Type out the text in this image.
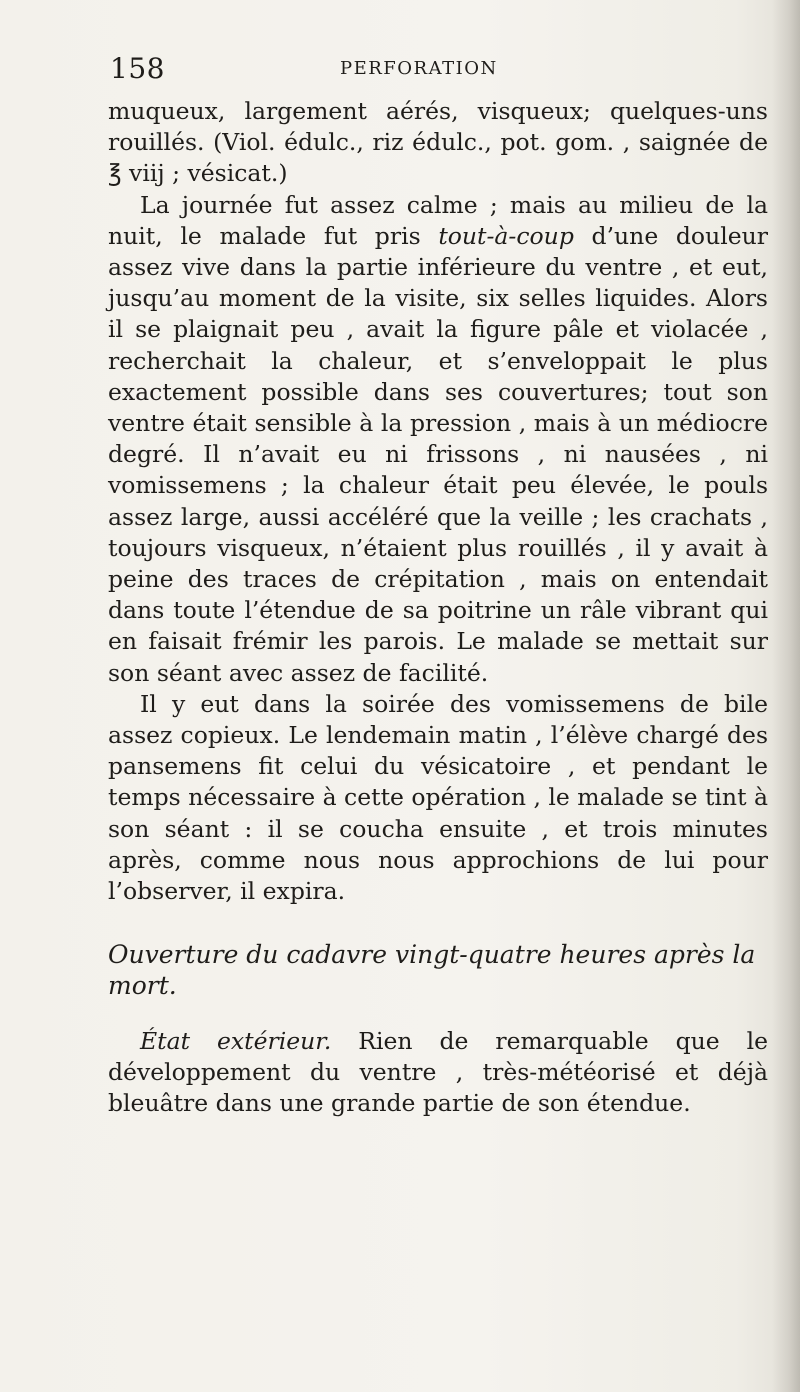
158	PERFORATION

muqueux, largement aérés, visqueux; quelques-uns rouillés. (Viol. édulc., riz édulc., pot. gom. , saignée de ℥ viij ; vésicat.)

La journée fut assez calme ; mais au milieu de la nuit, le malade fut pris tout-à-coup d’une douleur assez vive dans la partie inférieure du ventre , et eut, jusqu’au moment de la visite, six selles liquides. Alors il se plaignait peu , avait la figure pâle et violacée , recherchait la chaleur, et s’enveloppait le plus exactement possible dans ses couvertures; tout son ventre était sensible à la pression , mais à un médiocre degré. Il n’avait eu ni frissons , ni nausées , ni vomissemens ; la chaleur était peu élevée, le pouls assez large, aussi accéléré que la veille ; les crachats , toujours visqueux, n’étaient plus rouillés , il y avait à peine des traces de crépitation , mais on entendait dans toute l’étendue de sa poitrine un râle vibrant qui en faisait frémir les parois. Le malade se mettait sur son séant avec assez de facilité.

Il y eut dans la soirée des vomissemens de bile assez copieux. Le lendemain matin , l’élève chargé des pansemens fit celui du vésicatoire , et pendant le temps nécessaire à cette opération , le malade se tint à son séant : il se coucha ensuite , et trois minutes après, comme nous nous approchions de lui pour l’observer, il expira.

Ouverture du cadavre vingt-quatre heures après la mort.

État extérieur. Rien de remarquable que le développement du ventre , très-météorisé et déjà bleuâtre dans une grande partie de son étendue.
